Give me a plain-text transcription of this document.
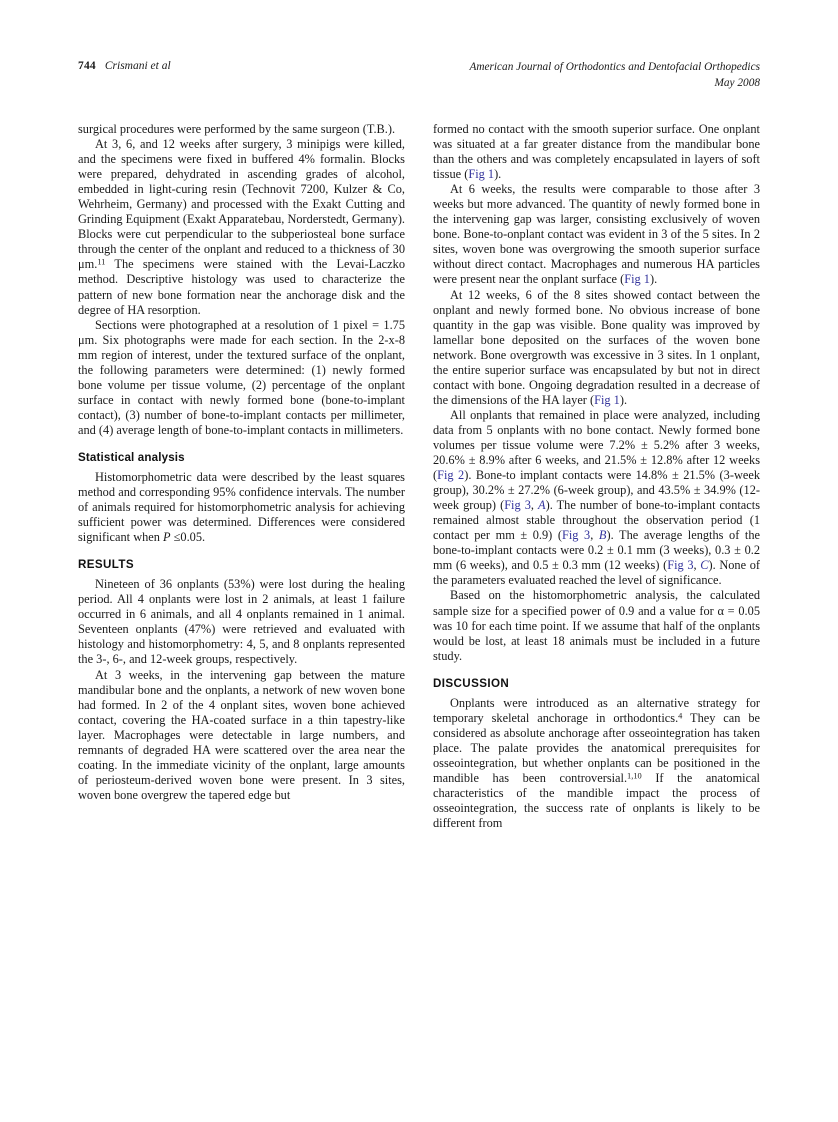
744 Crismani et al	American Journal of Orthodontics and Dentofacial Orthopedics
May 2008

surgical procedures were performed by the same surgeon (T.B.).

At 3, 6, and 12 weeks after surgery, 3 minipigs were killed, and the specimens were fixed in buffered 4% formalin. Blocks were prepared, dehydrated in ascending grades of alcohol, embedded in light-curing resin (Technovit 7200, Kulzer & Co, Wehrheim, Germany) and processed with the Exakt Cutting and Grinding Equipment (Exakt Apparatebau, Norderstedt, Germany). Blocks were cut perpendicular to the subperiosteal bone surface through the center of the onplant and reduced to a thickness of 30 μm.$^{11}$ The specimens were stained with the Levai-Laczko method. Descriptive histology was used to characterize the pattern of new bone formation near the anchorage disk and the degree of HA resorption.

Sections were photographed at a resolution of 1 pixel = 1.75 μm. Six photographs were made for each section. In the 2-x-8 mm region of interest, under the textured surface of the onplant, the following parameters were determined: (1) newly formed bone volume per tissue volume, (2) percentage of the onplant surface in contact with newly formed bone (bone-to-implant contact), (3) number of bone-to-implant contacts per millimeter, and (4) average length of bone-to-implant contacts in millimeters.

Statistical analysis

Histomorphometric data were described by the least squares method and corresponding 95% confidence intervals. The number of animals required for histomorphometric analysis for achieving sufficient power was determined. Differences were considered significant when P ≤0.05.

RESULTS

Nineteen of 36 onplants (53%) were lost during the healing period. All 4 onplants were lost in 2 animals, at least 1 failure occurred in 6 animals, and all 4 onplants remained in 1 animal. Seventeen onplants (47%) were retrieved and evaluated with histology and histomorphometry: 4, 5, and 8 onplants represented the 3-, 6-, and 12-week groups, respectively.

At 3 weeks, in the intervening gap between the mature mandibular bone and the onplants, a network of new woven bone had formed. In 2 of the 4 onplant sites, woven bone achieved contact, covering the HA-coated surface in a thin tapestry-like layer. Macrophages were detectable in large numbers, and remnants of degraded HA were scattered over the area near the coating. In the immediate vicinity of the onplant, large amounts of periosteum-derived woven bone were present. In 3 sites, woven bone overgrew the tapered edge but

formed no contact with the smooth superior surface. One onplant was situated at a far greater distance from the mandibular bone than the others and was completely encapsulated in layers of soft tissue (Fig 1).

At 6 weeks, the results were comparable to those after 3 weeks but more advanced. The quantity of newly formed bone in the intervening gap was larger, consisting exclusively of woven bone. Bone-to-onplant contact was evident in 3 of the 5 sites. In 2 sites, woven bone was overgrowing the smooth superior surface without direct contact. Macrophages and numerous HA particles were present near the onplant surface (Fig 1).

At 12 weeks, 6 of the 8 sites showed contact between the onplant and newly formed bone. No obvious increase of bone quantity in the gap was visible. Bone quality was improved by lamellar bone deposited on the surfaces of the woven bone network. Bone overgrowth was excessive in 3 sites. In 1 onplant, the entire superior surface was encapsulated by but not in direct contact with bone. Ongoing degradation resulted in a decrease of the dimensions of the HA layer (Fig 1).

All onplants that remained in place were analyzed, including data from 5 onplants with no bone contact. Newly formed bone volumes per tissue volume were 7.2% ± 5.2% after 3 weeks, 20.6% ± 8.9% after 6 weeks, and 21.5% ± 12.8% after 12 weeks (Fig 2). Bone-to implant contacts were 14.8% ± 21.5% (3-week group), 30.2% ± 27.2% (6-week group), and 43.5% ± 34.9% (12-week group) (Fig 3, A). The number of bone-to-implant contacts remained almost stable throughout the observation period (1 contact per mm ± 0.9) (Fig 3, B). The average lengths of the bone-to-implant contacts were 0.2 ± 0.1 mm (3 weeks), 0.3 ± 0.2 mm (6 weeks), and 0.5 ± 0.3 mm (12 weeks) (Fig 3, C). None of the parameters evaluated reached the level of significance.

Based on the histomorphometric analysis, the calculated sample size for a specified power of 0.9 and a value for α = 0.05 was 10 for each time point. If we assume that half of the onplants would be lost, at least 18 animals must be included in a future study.

DISCUSSION

Onplants were introduced as an alternative strategy for temporary skeletal anchorage in orthodontics.$^4$ They can be considered as absolute anchorage after osseointegration has taken place. The palate provides the anatomical prerequisites for osseointegration, but whether onplants can be positioned in the mandible has been controversial.$^{1,10}$ If the anatomical characteristics of the mandible impact the process of osseointegration, the success rate of onplants is likely to be different from
